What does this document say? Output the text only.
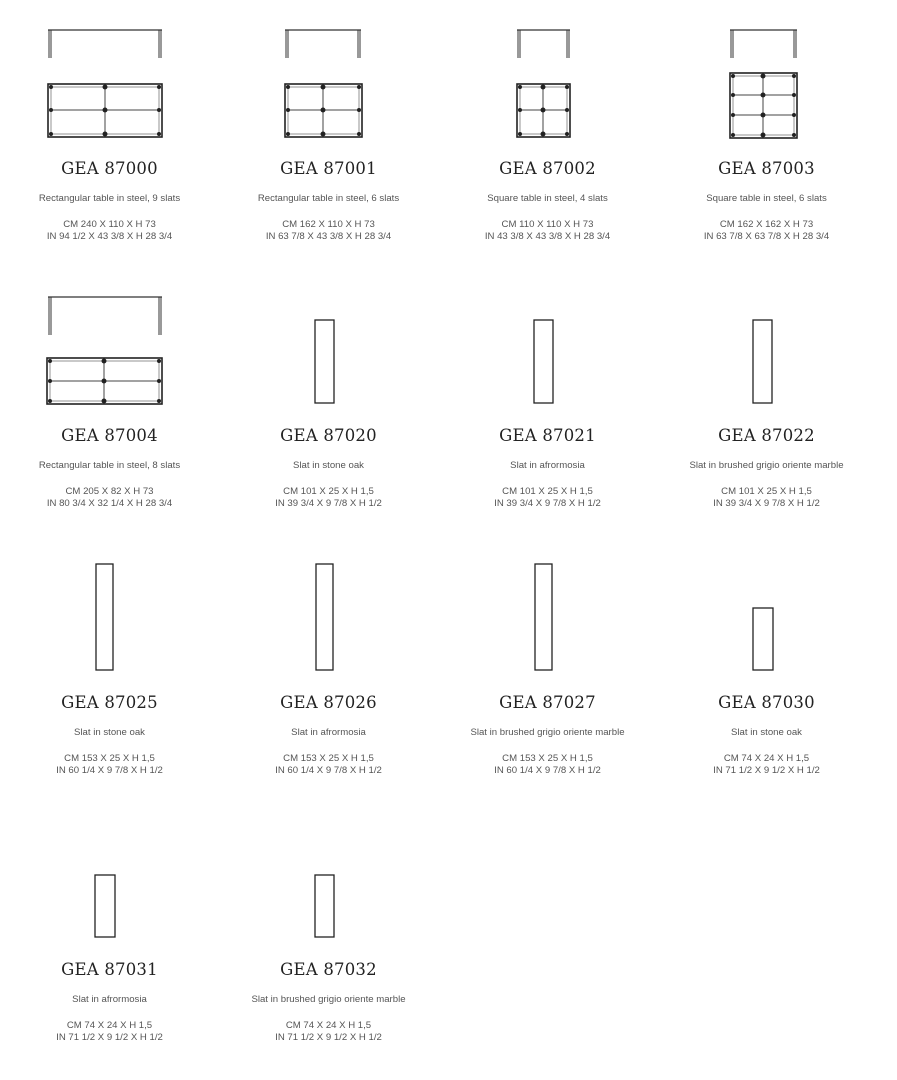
GEA 87000
Rectangular table in steel, 9 slats
CM 240 X 110 X H 73
IN 94 1/2 X 43 3/8 X H 28 3/4
GEA 87001
Rectangular table in steel, 6 slats
CM 162 X 110 X H 73
IN 63 7/8 X 43 3/8 X H 28 3/4
GEA 87002
Square table in steel, 4 slats
CM 110 X 110 X H 73
IN 43 3/8 X 43 3/8 X H 28 3/4
GEA 87003
Square table in steel, 6 slats
CM 162 X 162 X H 73
IN 63 7/8 X 63 7/8 X H 28 3/4
GEA 87004
Rectangular table in steel, 8 slats
CM 205 X 82 X H 73
IN 80 3/4 X 32 1/4 X H 28 3/4
GEA 87020
Slat in stone oak
CM 101 X 25 X H 1,5
IN 39 3/4 X 9 7/8 X H 1/2
GEA 87021
Slat in afrormosia
CM 101 X 25 X H 1,5
IN 39 3/4 X 9 7/8 X H 1/2
GEA 87022
Slat in brushed grigio oriente marble
CM 101 X 25 X H 1,5
IN 39 3/4 X 9 7/8 X H 1/2
GEA 87025
Slat in stone oak
CM 153 X 25 X H 1,5
IN 60 1/4 X 9 7/8 X H 1/2
GEA 87026
Slat in afrormosia
CM 153 X 25 X H 1,5
IN 60 1/4 X 9 7/8 X H 1/2
GEA 87027
Slat in brushed grigio oriente marble
CM 153 X 25 X H 1,5
IN 60 1/4 X 9 7/8 X H 1/2
GEA 87030
Slat in stone oak
CM 74 X 24 X H 1,5
IN 71 1/2 X 9 1/2 X H 1/2
GEA 87031
Slat in afrormosia
CM 74 X 24 X H 1,5
IN 71 1/2 X 9 1/2 X H 1/2
GEA 87032
Slat in brushed grigio oriente marble
CM 74 X 24 X H 1,5
IN 71 1/2 X 9 1/2 X H 1/2
